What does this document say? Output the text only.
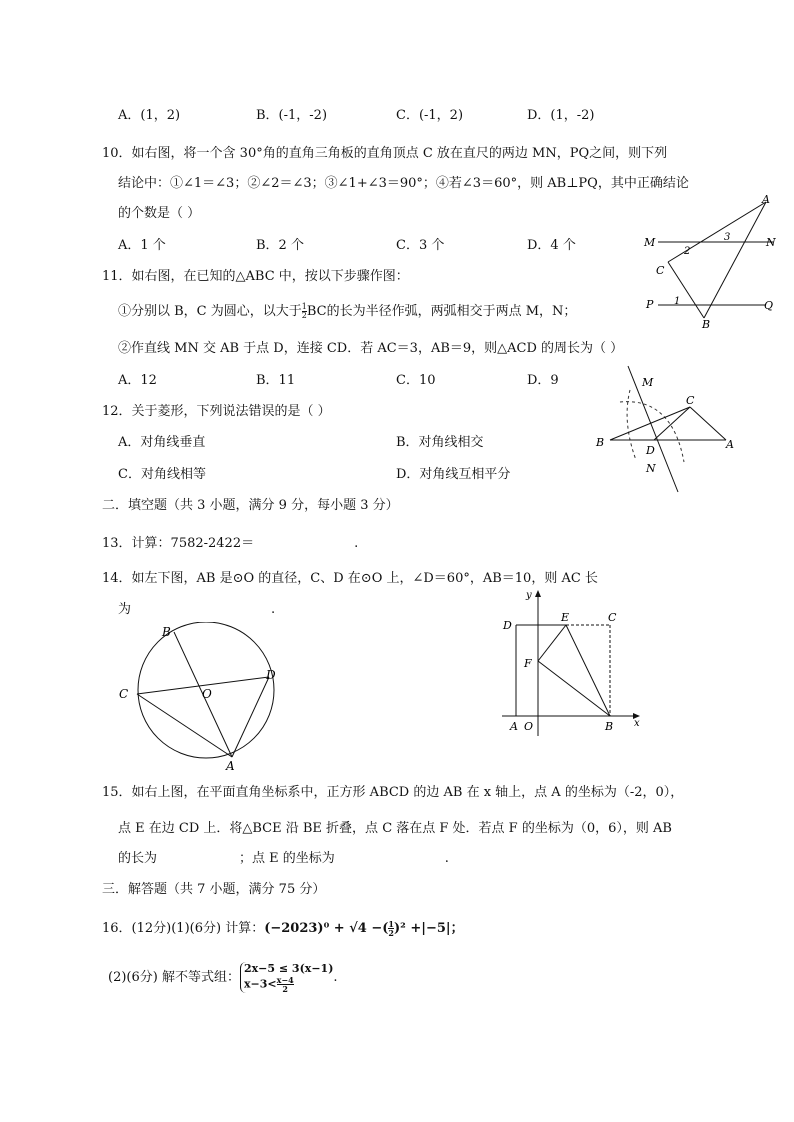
A．(1，2)	B．(-1，-2)	C．(-1，2)	D．(1，-2)
10．如右图，将一个含 30°角的直角三角板的直角顶点 C 放在直尺的两边 MN，PQ之间，则下列
结论中：①∠1＝∠3；②∠2＝∠3；③∠1+∠3＝90°；④若∠3＝60°，则 AB⊥PQ，其中正确结论
的个数是（ ）
A．1 个	B．2 个	C．3 个	D．4 个
A
M	N
2
3
C
P 1	Q
B
11．如右图，在已知的△ABC 中，按以下步骤作图：
①分别以 B，C 为圆心，以大于 $\frac{1}{2}$ BC的长为半径作弧，两弧相交于两点 M，N；
②作直线 MN 交 AB 于点 D，连接 CD．若 AC＝3，AB＝9，则△ACD 的周长为（ ）
A．12	B．11	C．10	D．9	M
C
B
D	A
N
12．关于菱形，下列说法错误的是（ ）
A．对角线垂直	B．对角线相交
C．对角线相等	D．对角线互相平分
二．填空题（共 3 小题，满分 9 分，每小题 3 分）
13．计算：7582-2422＝	.
14．如左下图，AB 是⊙O 的直径，C、D 在⊙O 上，∠D＝60°，AB＝10，则 AC 长
为	.
B
C	O
D
A
y
D
E	C
F
A O	B x
15．如右上图，在平面直角坐标系中，正方形 ABCD 的边 AB 在 x 轴上，点 A 的坐标为（-2，0），
点 E 在边 CD 上．将△BCE 沿 BE 折叠，点 C 落在点 F 处．若点 F 的坐标为（0，6），则 AB
的长为	；点 E 的坐标为	.
三．解答题（共 7 小题，满分 75 分）
16．(12分)(1)(6分) 计算：(−2023)⁰ + √4 −( $\frac{1}{2} )^2 +|-5|$；
(2)(6分) 解不等式组：
2x−5 ≤ 3(x−1)
$x-3< \frac{x-4}{2}$	.
